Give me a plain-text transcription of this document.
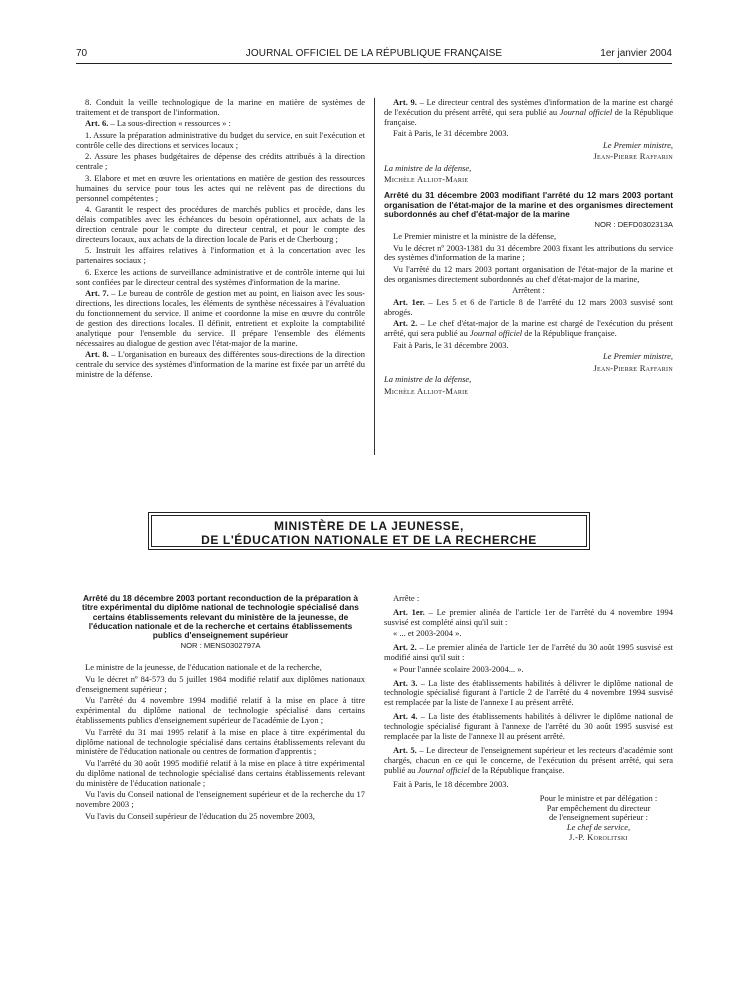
70	JOURNAL OFFICIEL DE LA RÉPUBLIQUE FRANÇAISE	1er janvier 2004

8. Conduit la veille technologique de la marine en matière de systèmes de traitement et de transport de l'information.

Art. 6. – La sous-direction « ressources » :

1. Assure la préparation administrative du budget du service, en suit l'exécution et contrôle celle des directions et services locaux ;

2. Assure les phases budgétaires de dépense des crédits attribués à la direction centrale ;

3. Elabore et met en œuvre les orientations en matière de gestion des ressources humaines du service pour tous les actes qui ne relèvent pas de directions du personnel compétentes ;

4. Garantit le respect des procédures de marchés publics et procède, dans les délais compatibles avec les échéances du besoin opérationnel, aux achats de la direction centrale pour le compte du directeur central, et pour le compte des directeurs locaux, aux achats de la direction locale de Paris et de Cherbourg ;

5. Instruit les affaires relatives à l'information et à la concertation avec les partenaires sociaux ;

6. Exerce les actions de surveillance administrative et de contrôle interne qui lui sont confiées par le directeur central des systèmes d'information de la marine.

Art. 7. – Le bureau de contrôle de gestion met au point, en liaison avec les sous-directions, les directions locales, les éléments de synthèse nécessaires à l'évaluation du fonctionnement du service. Il anime et coordonne la mise en œuvre du contrôle de gestion des directions locales. Il définit, entretient et exploite la comptabilité analytique pour l'ensemble du service. Il prépare l'ensemble des éléments nécessaires au dialogue de gestion avec l'état-major de la marine.

Art. 8. – L'organisation en bureaux des différentes sous-directions de la direction centrale du service des systèmes d'information de la marine est fixée par un arrêté du ministre de la défense.

Art. 9. – Le directeur central des systèmes d'information de la marine est chargé de l'exécution du présent arrêté, qui sera publié au Journal officiel de la République française.

Fait à Paris, le 31 décembre 2003.

Le Premier ministre,

Jean-Pierre Raffarin

La ministre de la défense,

Michèle Alliot-Marie

Arrêté du 31 décembre 2003 modifiant l'arrêté du 12 mars 2003 portant organisation de l'état-major de la marine et des organismes directement subordonnés au chef d'état-major de la marine

NOR : DEFD0302313A

Le Premier ministre et la ministre de la défense,

Vu le décret nº 2003-1381 du 31 décembre 2003 fixant les attributions du service des systèmes d'information de la marine ;

Vu l'arrêté du 12 mars 2003 portant organisation de l'état-major de la marine et des organismes directement subordonnés au chef d'état-major de la marine,

Arrêtent :

Art. 1er. – Les 5 et 6 de l'article 8 de l'arrêté du 12 mars 2003 susvisé sont abrogés.

Art. 2. – Le chef d'état-major de la marine est chargé de l'exécution du présent arrêté, qui sera publié au Journal officiel de la République française.

Fait à Paris, le 31 décembre 2003.

Le Premier ministre,

Jean-Pierre Raffarin

La ministre de la défense,

Michèle Alliot-Marie

MINISTÈRE DE LA JEUNESSE,
DE L'ÉDUCATION NATIONALE ET DE LA RECHERCHE

Arrêté du 18 décembre 2003 portant reconduction de la préparation à titre expérimental du diplôme national de technologie spécialisé dans certains établissements relevant du ministère de la jeunesse, de l'éducation nationale et de la recherche et certains établissements publics d'enseignement supérieur

NOR : MENS0302797A

Le ministre de la jeunesse, de l'éducation nationale et de la recherche,

Vu le décret nº 84-573 du 5 juillet 1984 modifié relatif aux diplômes nationaux d'enseignement supérieur ;

Vu l'arrêté du 4 novembre 1994 modifié relatif à la mise en place à titre expérimental du diplôme national de technologie spécialisé dans certains établissements publics d'enseignement supérieur de l'académie de Lyon ;

Vu l'arrêté du 31 mai 1995 relatif à la mise en place à titre expérimental du diplôme national de technologie spécialisé dans certains établissements relevant du ministère de l'éducation nationale ou centres de formation d'apprentis ;

Vu l'arrêté du 30 août 1995 modifié relatif à la mise en place à titre expérimental du diplôme national de technologie spécialisé dans certains établissements relevant du ministère de l'éducation nationale ;

Vu l'avis du Conseil national de l'enseignement supérieur et de la recherche du 17 novembre 2003 ;

Vu l'avis du Conseil supérieur de l'éducation du 25 novembre 2003,

Arrête :

Art. 1er. – Le premier alinéa de l'article 1er de l'arrêté du 4 novembre 1994 susvisé est complété ainsi qu'il suit :

« ... et 2003-2004 ».

Art. 2. – Le premier alinéa de l'article 1er de l'arrêté du 30 août 1995 susvisé est modifié ainsi qu'il suit :

« Pour l'année scolaire 2003-2004... ».

Art. 3. – La liste des établissements habilités à délivrer le diplôme national de technologie spécialisé figurant à l'article 2 de l'arrêté du 4 novembre 1994 susvisé est remplacée par la liste de l'annexe I au présent arrêté.

Art. 4. – La liste des établissements habilités à délivrer le diplôme national de technologie spécialisé figurant à l'annexe de l'arrêté du 30 août 1995 susvisé est remplacée par la liste de l'annexe II au présent arrêté.

Art. 5. – Le directeur de l'enseignement supérieur et les recteurs d'académie sont chargés, chacun en ce qui le concerne, de l'exécution du présent arrêté, qui sera publié au Journal officiel de la République française.

Fait à Paris, le 18 décembre 2003.

Pour le ministre et par délégation :
Par empêchement du directeur
de l'enseignement supérieur :
Le chef de service,
J.-P. Korolitski
